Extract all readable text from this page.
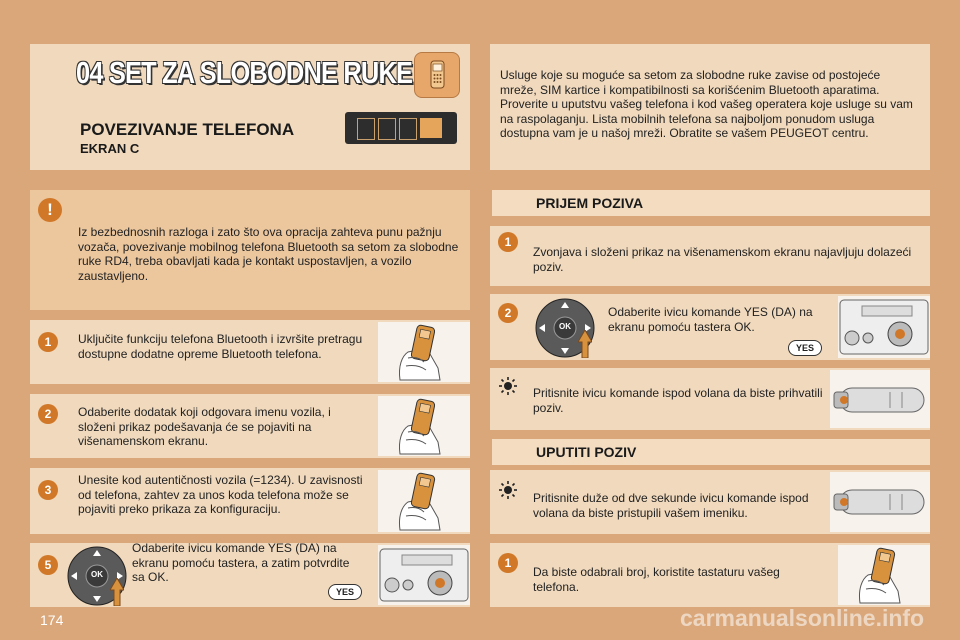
04 SET ZA SLOBODNE RUKE
POVEZIVANJE TELEFONA
EKRAN C
Usluge koje su moguće sa setom za slobodne ruke zavise od postojeće mreže, SIM kartice i kompatibilnosti sa korišćenim Bluetooth aparatima. Proverite u uputstvu vašeg telefona i kod vašeg operatera koje usluge su vam na raspolaganju. Lista mobilnih telefona sa najboljom ponudom usluga dostupna vam je u našoj mreži. Obratite se vašem PEUGEOT centru.
!
Iz bezbednosnih razloga i zato što ova opracija zahteva punu pažnju vozača, povezivanje mobilnog telefona Bluetooth sa setom za slobodne ruke RD4, treba obavljati kada je kontakt uspostavljen, a vozilo zaustavljeno.
1	Uključite funkciju telefona Bluetooth i izvršite pretragu dostupne dodatne opreme Bluetooth telefona.
2	Odaberite dodatak koji odgovara imenu vozila, i složeni prikaz podešavanja će se pojaviti na višenamenskom ekranu.
3
Unesite kod autentičnosti vozila (=1234). U zavisnosti od telefona, zahtev za unos koda telefona može se pojaviti preko prikaza za konfiguraciju.
5
OK
Odaberite ivicu komande YES (DA) na ekranu pomoću tastera, a zatim potvrdite sa OK.
YES
PRIJEM POZIVA
1
Zvonjava i složeni prikaz na višenamenskom ekranu najavljuju dolazeći poziv.
2
OK
Odaberite ivicu komande YES (DA) na ekranu pomoću tastera OK.
YES
Pritisnite ivicu komande ispod volana da biste prihvatili poziv.
UPUTITI POZIV
Pritisnite duže od dve sekunde ivicu komande ispod volana da biste pristupili vašem imeniku.
1
Da biste odabrali broj, koristite tastaturu vašeg telefona.
174	carmanualsonline.info
